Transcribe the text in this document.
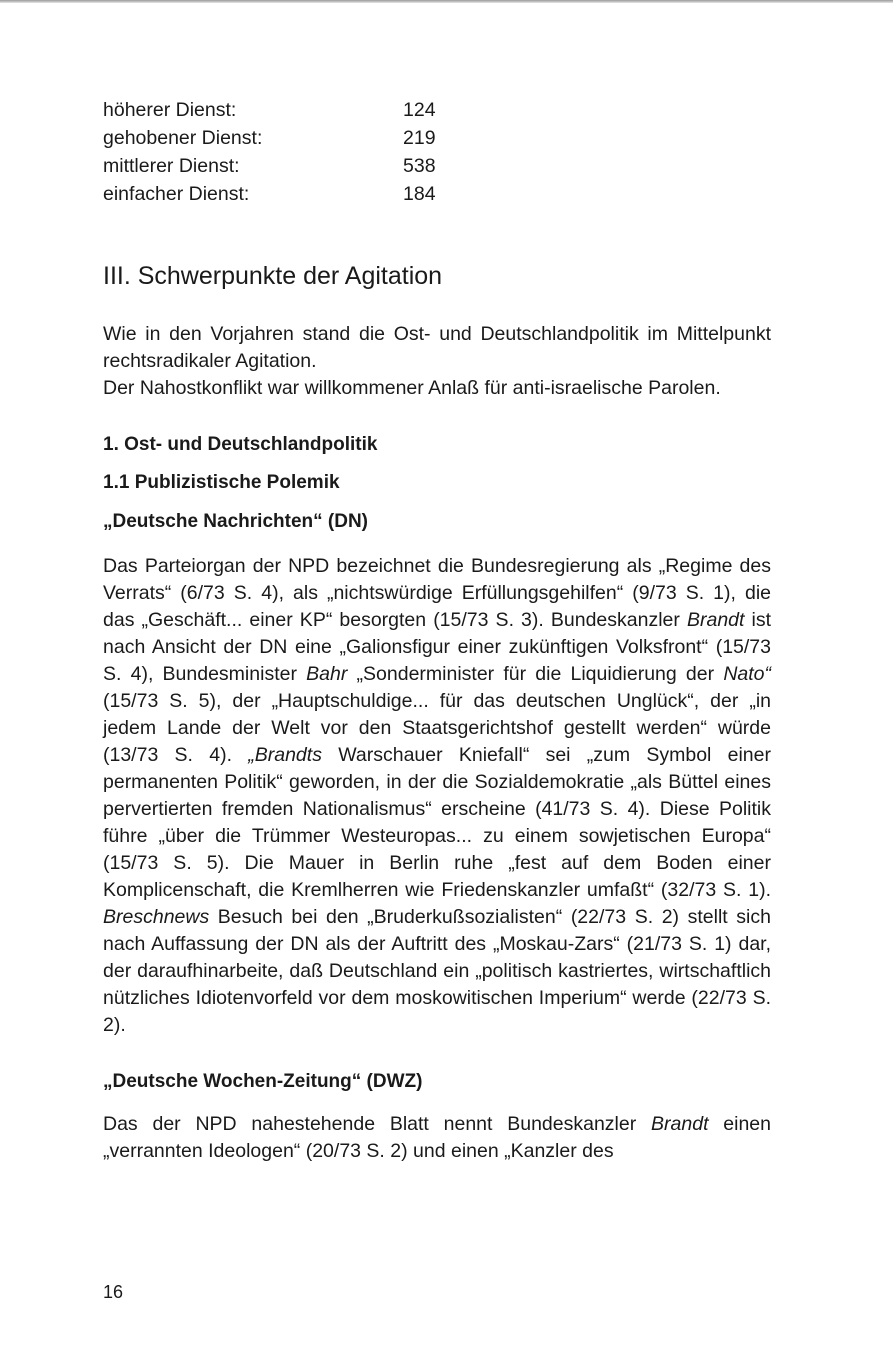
höherer Dienst:	124
gehobener Dienst:	219
mittlerer Dienst:	538
einfacher Dienst:	184
III. Schwerpunkte der Agitation

Wie in den Vorjahren stand die Ost- und Deutschlandpolitik im Mittelpunkt rechtsradikaler Agitation.

Der Nahostkonflikt war willkommener Anlaß für anti-israelische Parolen.

1. Ost- und Deutschlandpolitik
1.1 Publizistische Polemik
„Deutsche Nachrichten“ (DN)

Das Parteiorgan der NPD bezeichnet die Bundesregierung als „Regime des Verrats“ (6/73 S. 4), als „nichtswürdige Erfüllungsgehilfen“ (9/73 S. 1), die das „Geschäft... einer KP“ besorgten (15/73 S. 3). Bundeskanzler Brandt ist nach Ansicht der DN eine „Galionsfigur einer zukünftigen Volksfront“ (15/73 S. 4), Bundesminister Bahr „Sonderminister für die Liquidierung der Nato“ (15/73 S. 5), der „Hauptschuldige... für das deutschen Unglück“, der „in jedem Lande der Welt vor den Staatsgerichtshof gestellt werden“ würde (13/73 S. 4). „Brandts Warschauer Kniefall“ sei „zum Symbol einer permanenten Politik“ geworden, in der die Sozialdemokratie „als Büttel eines pervertierten fremden Nationalismus“ erscheine (41/73 S. 4). Diese Politik führe „über die Trümmer Westeuropas... zu einem sowjetischen Europa“ (15/73 S. 5). Die Mauer in Berlin ruhe „fest auf dem Boden einer Komplicenschaft, die Kremlherren wie Friedenskanzler umfaßt“ (32/73 S. 1). Breschnews Besuch bei den „Bruderkußsozialisten“ (22/73 S. 2) stellt sich nach Auffassung der DN als der Auftritt des „Moskau-Zars“ (21/73 S. 1) dar, der daraufhinarbeite, daß Deutschland ein „politisch kastriertes, wirtschaftlich nützliches Idiotenvorfeld vor dem moskowitischen Imperium“ werde (22/73 S. 2).

„Deutsche Wochen-Zeitung“ (DWZ)

Das der NPD nahestehende Blatt nennt Bundeskanzler Brandt einen „verrannten Ideologen“ (20/73 S. 2) und einen „Kanzler des

16
